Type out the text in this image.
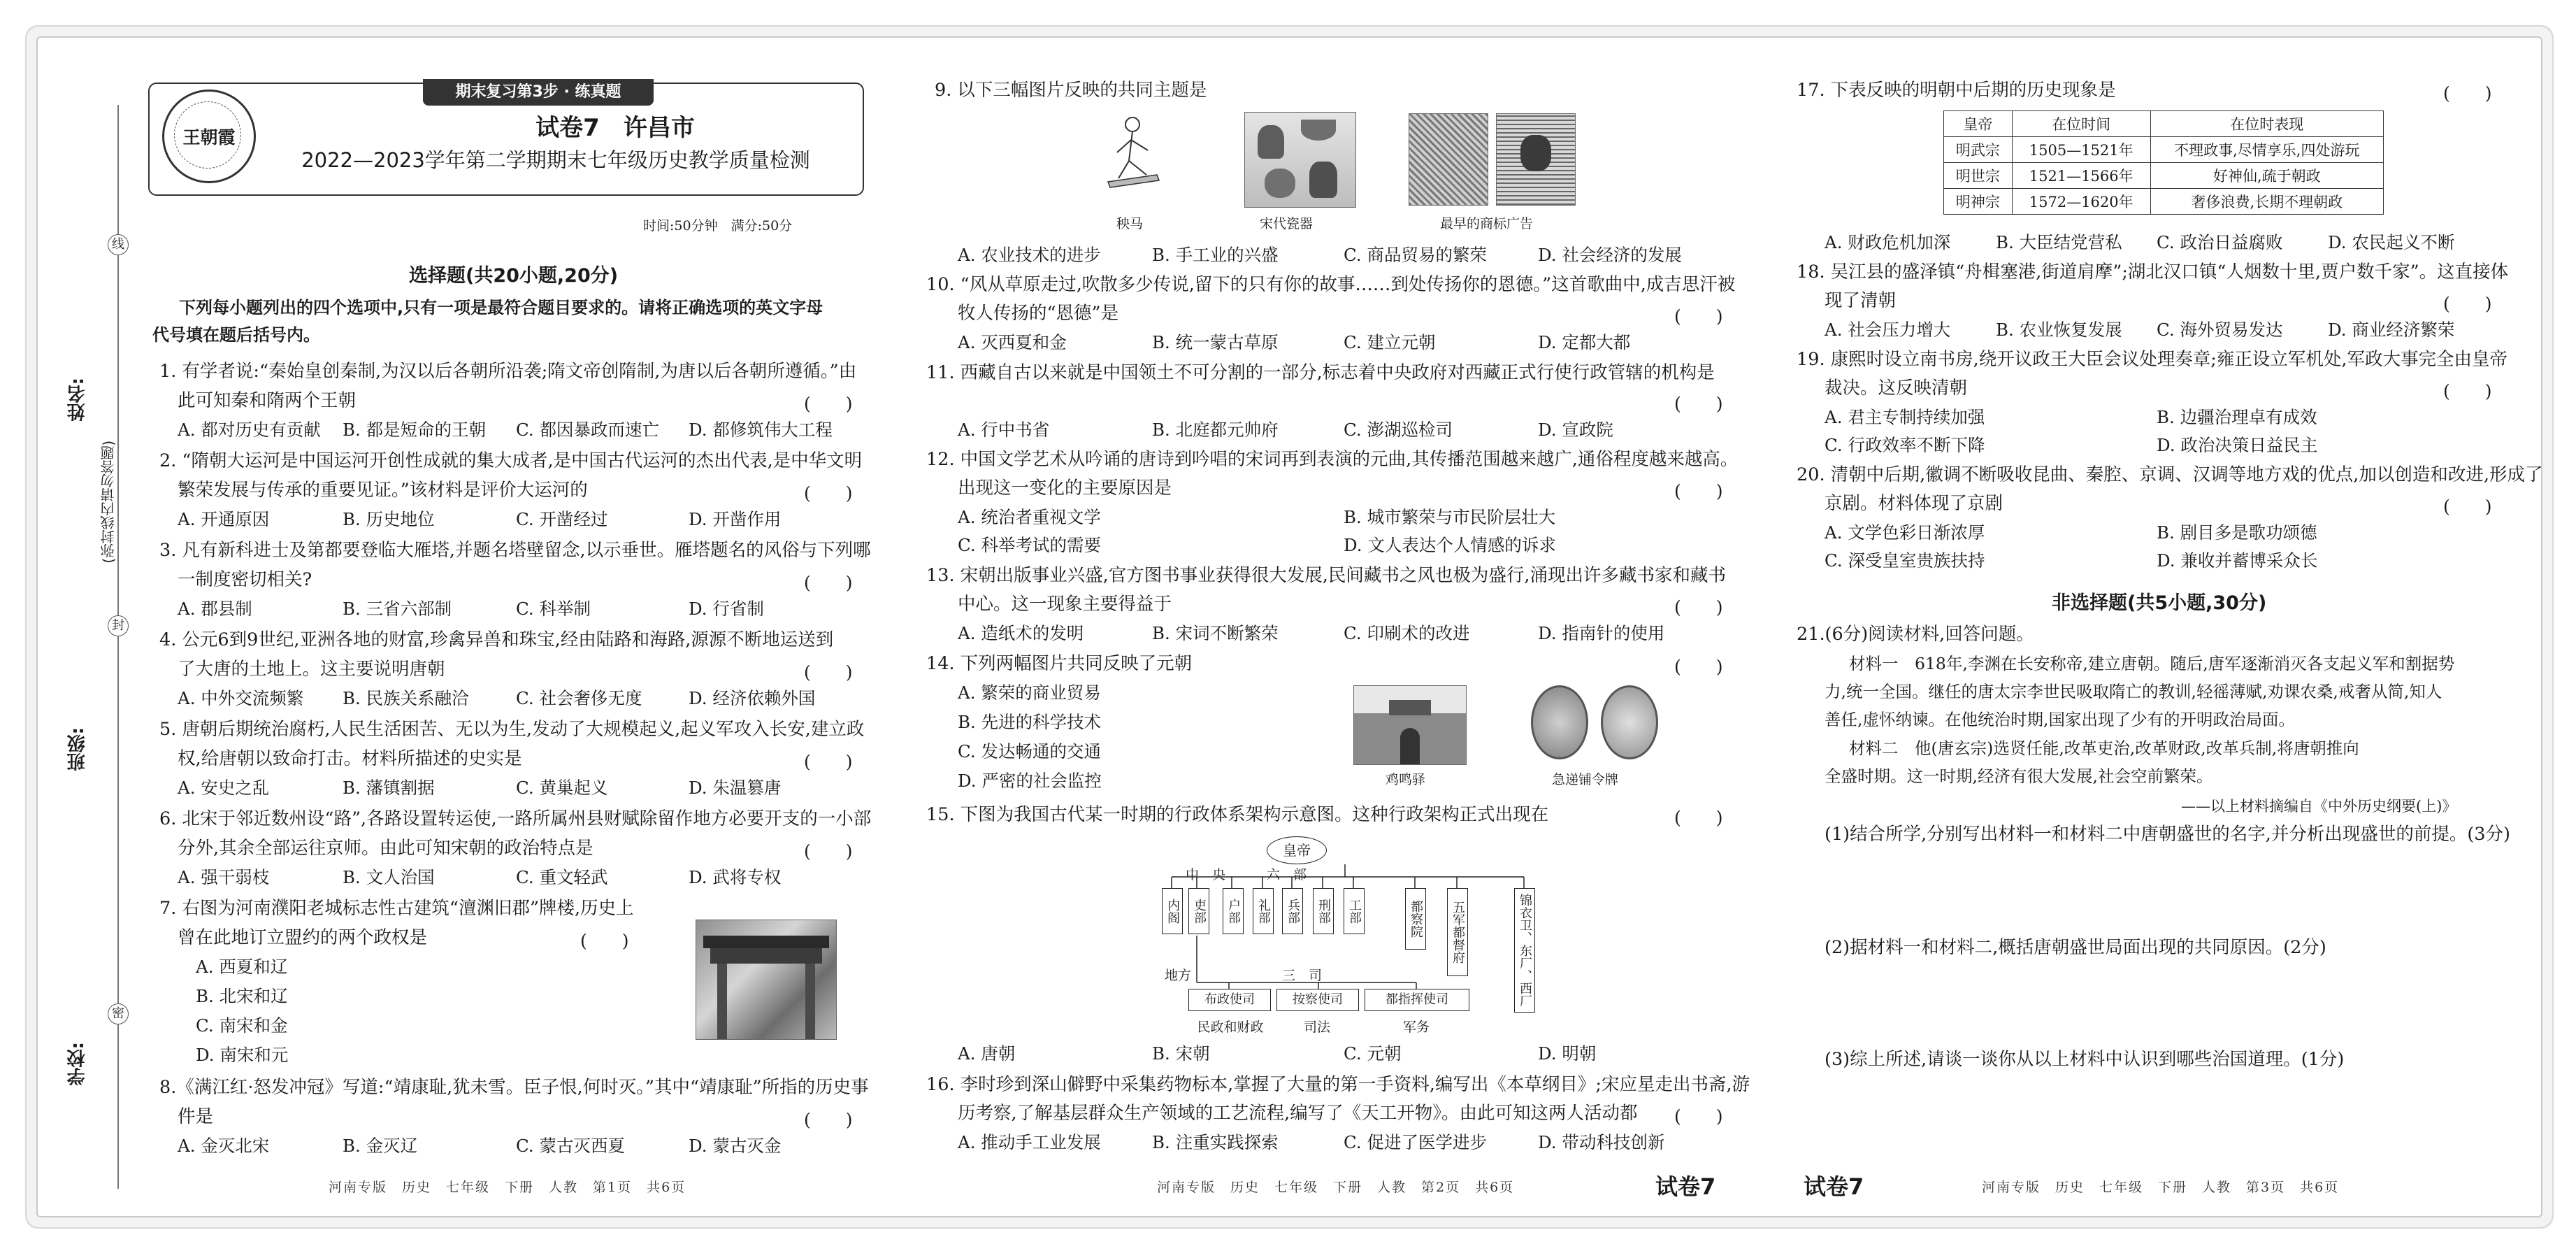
姓名:
班级:
学校:
(弥封线内请勿答题)
线
封
密
期末复习第3步 · 练真题
王朝霞	试卷7　许昌市
2022—2023学年第二学期期末七年级历史教学质量检测
时间:50分钟　满分:50分
选择题(共20小题,20分)
下列每小题列出的四个选项中,只有一项是最符合题目要求的。请将正确选项的英文字母
代号填在题后括号内。
1. 有学者说:“秦始皇创秦制,为汉以后各朝所沿袭;隋文帝创隋制,为唐以后各朝所遵循。”由
此可知秦和隋两个王朝	(　　)
A. 都对历史有贡献 B. 都是短命的王朝 C. 都因暴政而速亡 D. 都修筑伟大工程
2. “隋朝大运河是中国运河开创性成就的集大成者,是中国古代运河的杰出代表,是中华文明
繁荣发展与传承的重要见证。”该材料是评价大运河的	(　　)
A. 开通原因	B. 历史地位	C. 开凿经过	D. 开凿作用
3. 凡有新科进士及第都要登临大雁塔,并题名塔壁留念,以示垂世。雁塔题名的风俗与下列哪
一制度密切相关?	(　　)
A. 郡县制	B. 三省六部制	C. 科举制	D. 行省制
4. 公元6到9世纪,亚洲各地的财富,珍禽异兽和珠宝,经由陆路和海路,源源不断地运送到
了大唐的土地上。这主要说明唐朝	(　　)
A. 中外交流频繁 B. 民族关系融洽	C. 社会奢侈无度	D. 经济依赖外国
5. 唐朝后期统治腐朽,人民生活困苦、无以为生,发动了大规模起义,起义军攻入长安,建立政
权,给唐朝以致命打击。材料所描述的史实是	(　　)
A. 安史之乱	B. 藩镇割据	C. 黄巢起义	D. 朱温篡唐
6. 北宋于邻近数州设“路”,各路设置转运使,一路所属州县财赋除留作地方必要开支的一小部
分外,其余全部运往京师。由此可知宋朝的政治特点是	(　　)
A. 强干弱枝	B. 文人治国	C. 重文轻武	D. 武将专权
7. 右图为河南濮阳老城标志性古建筑“澶渊旧郡”牌楼,历史上
曾在此地订立盟约的两个政权是	(　　)
A. 西夏和辽
B. 北宋和辽
C. 南宋和金
D. 南宋和元
8.《满江红·怒发冲冠》写道:“靖康耻,犹未雪。臣子恨,何时灭。”其中“靖康耻”所指的历史事
件是	(　　)
A. 金灭北宋	B. 金灭辽	C. 蒙古灭西夏	D. 蒙古灭金
河南专版　历史　七年级　下册　人教　第1页　共6页
9. 以下三幅图片反映的共同主题是
秧马	宋代瓷器	最早的商标广告
A. 农业技术的进步	B. 手工业的兴盛	C. 商品贸易的繁荣	D. 社会经济的发展
10. “风从草原走过,吹散多少传说,留下的只有你的故事……到处传扬你的恩德。”这首歌曲中,成吉思汗被
牧人传扬的“恩德”是	(　　)
A. 灭西夏和金	B. 统一蒙古草原	C. 建立元朝	D. 定都大都
11. 西藏自古以来就是中国领土不可分割的一部分,标志着中央政府对西藏正式行使行政管辖的机构是
(　　)
A. 行中书省	B. 北庭都元帅府	C. 澎湖巡检司	D. 宣政院
12. 中国文学艺术从吟诵的唐诗到吟唱的宋词再到表演的元曲,其传播范围越来越广,通俗程度越来越高。
出现这一变化的主要原因是	(　　)
A. 统治者重视文学	B. 城市繁荣与市民阶层壮大
C. 科举考试的需要	D. 文人表达个人情感的诉求
13. 宋朝出版事业兴盛,官方图书事业获得很大发展,民间藏书之风也极为盛行,涌现出许多藏书家和藏书
中心。这一现象主要得益于	(　　)
A. 造纸术的发明	B. 宋词不断繁荣	C. 印刷术的改进	D. 指南针的使用
14. 下列两幅图片共同反映了元朝	(　　)
A. 繁荣的商业贸易
B. 先进的科学技术
C. 发达畅通的交通
D. 严密的社会监控	鸡鸣驿	急递铺令牌
15. 下图为我国古代某一时期的行政体系架构示意图。这种行政架构正式出现在	(　　)
皇帝
中　央	六　部
内阁 吏部 户部 礼部 兵部 刑部 工部	都察院 五军都督府	锦衣卫、东厂、西厂
地方	三　司
布政使司	按察使司	都指挥使司
民政和财政	司法	军务
A. 唐朝	B. 宋朝	C. 元朝	D. 明朝
16. 李时珍到深山僻野中采集药物标本,掌握了大量的第一手资料,编写出《本草纲目》;宋应星走出书斋,游
历考察,了解基层群众生产领域的工艺流程,编写了《天工开物》。由此可知这两人活动都 (　　)
A. 推动手工业发展	B. 注重实践探索	C. 促进了医学进步	D. 带动科技创新
河南专版　历史　七年级　下册　人教　第2页　共6页	试卷7
17. 下表反映的明朝中后期的历史现象是	(　　)
皇帝	在位时间	在位时表现
明武宗	1505—1521年	不理政事,尽情享乐,四处游玩
明世宗	1521—1566年	好神仙,疏于朝政
明神宗	1572—1620年	奢侈浪费,长期不理朝政
A. 财政危机加深	B. 大臣结党营私 C. 政治日益腐败	D. 农民起义不断
18. 吴江县的盛泽镇“舟楫塞港,街道肩摩”;湖北汉口镇“人烟数十里,贾户数千家”。这直接体
现了清朝	(　　)
A. 社会压力增大	B. 农业恢复发展 C. 海外贸易发达	D. 商业经济繁荣
19. 康熙时设立南书房,绕开议政王大臣会议处理奏章;雍正设立军机处,军政大事完全由皇帝
裁决。这反映清朝	(　　)
A. 君主专制持续加强	B. 边疆治理卓有成效
C. 行政效率不断下降	D. 政治决策日益民主
20. 清朝中后期,徽调不断吸收昆曲、秦腔、京调、汉调等地方戏的优点,加以创造和改进,形成了
京剧。材料体现了京剧	(　　)
A. 文学色彩日渐浓厚	B. 剧目多是歌功颂德
C. 深受皇室贵族扶持	D. 兼收并蓄博采众长
非选择题(共5小题,30分)
21.(6分)阅读材料,回答问题。
材料一　618年,李渊在长安称帝,建立唐朝。随后,唐军逐渐消灭各支起义军和割据势
力,统一全国。继任的唐太宗李世民吸取隋亡的教训,轻徭薄赋,劝课农桑,戒奢从简,知人
善任,虚怀纳谏。在他统治时期,国家出现了少有的开明政治局面。
材料二　他(唐玄宗)选贤任能,改革吏治,改革财政,改革兵制,将唐朝推向
全盛时期。这一时期,经济有很大发展,社会空前繁荣。
——以上材料摘编自《中外历史纲要(上)》
(1)结合所学,分别写出材料一和材料二中唐朝盛世的名字,并分析出现盛世的前提。(3分)
(2)据材料一和材料二,概括唐朝盛世局面出现的共同原因。(2分)
(3)综上所述,请谈一谈你从以上材料中认识到哪些治国道理。(1分)
试卷7	河南专版　历史　七年级　下册　人教　第3页　共6页
